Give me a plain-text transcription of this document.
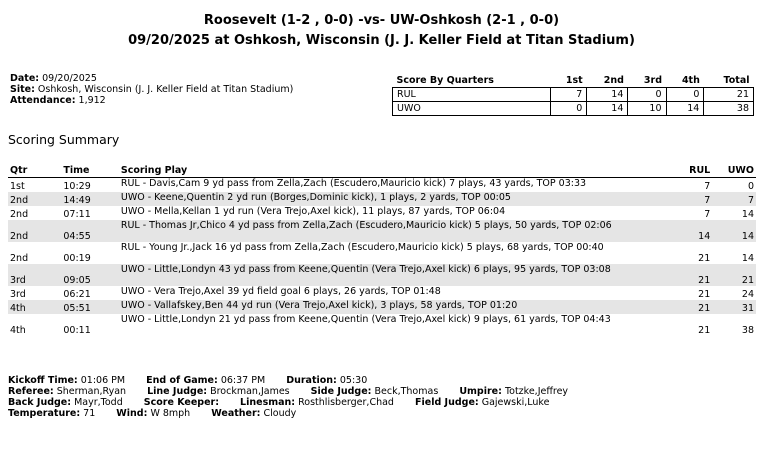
Roosevelt (1-2 , 0-0) -vs- UW-Oshkosh (2-1 , 0-0)
09/20/2025 at Oshkosh, Wisconsin (J. J. Keller Field at Titan Stadium)
Date: 09/20/2025
Site: Oshkosh, Wisconsin (J. J. Keller Field at Titan Stadium)
Attendance: 1,912
Score By Quarters	1st	2nd	3rd	4th	Total
RUL	7	14	0	0	21
UWO	0	14	10	14	38
Scoring Summary
Qtr	Time	Scoring Play	RUL	UWO
1st	10:29	RUL - Davis,Cam 9 yd pass from Zella,Zach (Escudero,Mauricio kick) 7 plays, 43 yards, TOP 03:33	7	0
2nd	14:49	UWO - Keene,Quentin 2 yd run (Borges,Dominic kick), 1 plays, 2 yards, TOP 00:05	7	7
2nd	07:11	UWO - Mella,Kellan 1 yd run (Vera Trejo,Axel kick), 11 plays, 87 yards, TOP 06:04	7	14
2nd	04:55	RUL - Thomas Jr,Chico 4 yd pass from Zella,Zach (Escudero,Mauricio kick) 5 plays, 50 yards, TOP 02:06	14	14
2nd	00:19	RUL - Young Jr.,Jack 16 yd pass from Zella,Zach (Escudero,Mauricio kick) 5 plays, 68 yards, TOP 00:40	21	14
3rd	09:05	UWO - Little,Londyn 43 yd pass from Keene,Quentin (Vera Trejo,Axel kick) 6 plays, 95 yards, TOP 03:08	21	21
3rd	06:21	UWO - Vera Trejo,Axel 39 yd field goal 6 plays, 26 yards, TOP 01:48	21	24
4th	05:51	UWO - Vallafskey,Ben 44 yd run (Vera Trejo,Axel kick), 3 plays, 58 yards, TOP 01:20	21	31
4th	00:11	UWO - Little,Londyn 21 yd pass from Keene,Quentin (Vera Trejo,Axel kick) 9 plays, 61 yards, TOP 04:43	21	38
Kickoff Time: 01:06 PM End of Game: 06:37 PM Duration: 05:30
Referee: Sherman,Ryan Line Judge: Brockman,James Side Judge: Beck,Thomas Umpire: Totzke,Jeffrey
Back Judge: Mayr,Todd Score Keeper: Linesman: Rosthlisberger,Chad Field Judge: Gajewski,Luke
Temperature: 71 Wind: W 8mph Weather: Cloudy
